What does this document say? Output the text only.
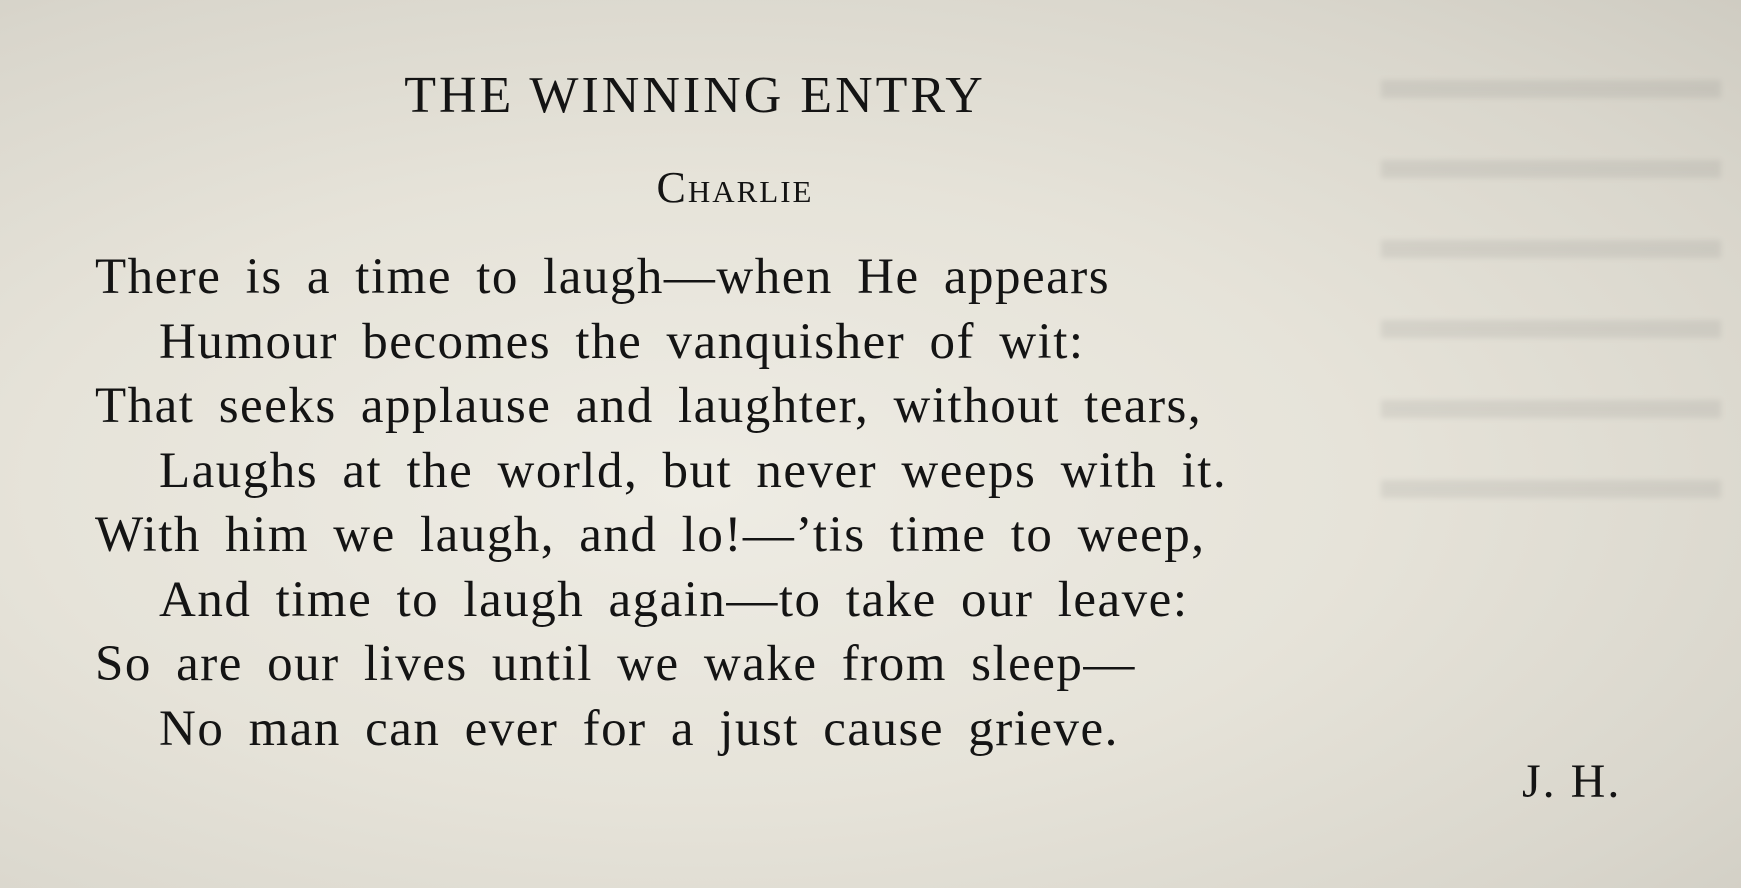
THE WINNING ENTRY
Charlie
There is a time to laugh—when He appears
Humour becomes the vanquisher of wit:
That seeks applause and laughter, without tears,
Laughs at the world, but never weeps with it.
With him we laugh, and lo!—’tis time to weep,
And time to laugh again—to take our leave:
So are our lives until we wake from sleep—
No man can ever for a just cause grieve.
J. H.
